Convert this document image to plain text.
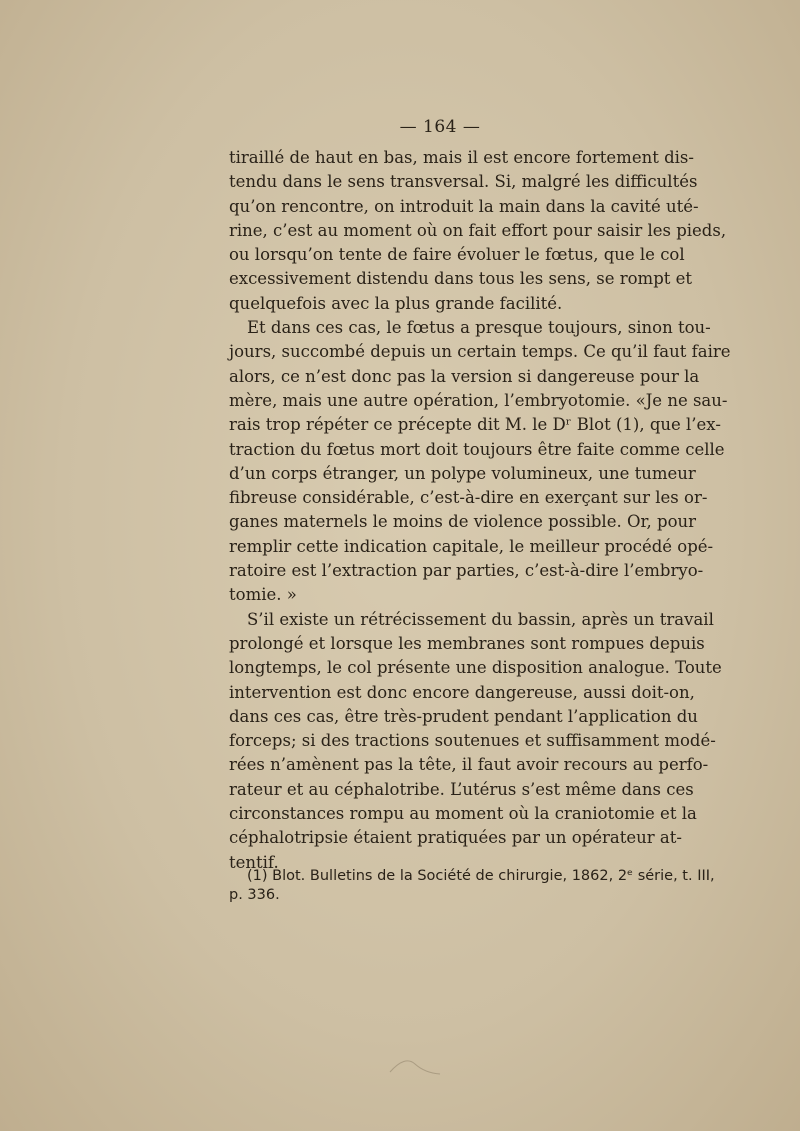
— 164 —
tiraillé de haut en bas, mais il est encore fortement dis-
tendu dans le sens transversal. Si, malgré les difficultés
qu’on rencontre, on introduit la main dans la cavité uté-
rine, c’est au moment où on fait effort pour saisir les pieds,
ou lorsqu’on tente de faire évoluer le fœtus, que le col
excessivement distendu dans tous les sens, se rompt et
quelquefois avec la plus grande facilité.
Et dans ces cas, le fœtus a presque toujours, sinon tou-
jours, succombé depuis un certain temps. Ce qu’il faut faire
alors, ce n’est donc pas la version si dangereuse pour la
mère, mais une autre opération, l’embryotomie. «Je ne sau-
rais trop répéter ce précepte dit M. le Dʳ Blot (1), que l’ex-
traction du fœtus mort doit toujours être faite comme celle
d’un corps étranger, un polype volumineux, une tumeur
fibreuse considérable, c’est-à-dire en exerçant sur les or-
ganes maternels le moins de violence possible. Or, pour
remplir cette indication capitale, le meilleur procédé opé-
ratoire est l’extraction par parties, c’est-à-dire l’embryo-
tomie. »
S’il existe un rétrécissement du bassin, après un travail
prolongé et lorsque les membranes sont rompues depuis
longtemps, le col présente une disposition analogue. Toute
intervention est donc encore dangereuse, aussi doit-on,
dans ces cas, être très-prudent pendant l’application du
forceps; si des tractions soutenues et suffisamment modé-
rées n’amènent pas la tête, il faut avoir recours au perfo-
rateur et au céphalotribe. L’utérus s’est même dans ces
circonstances rompu au moment où la craniotomie et la
céphalotripsie étaient pratiquées par un opérateur at-
tentif.
(1) Blot. Bulletins de la Société de chirurgie, 1862, 2ᵉ série, t. III,
p. 336.
